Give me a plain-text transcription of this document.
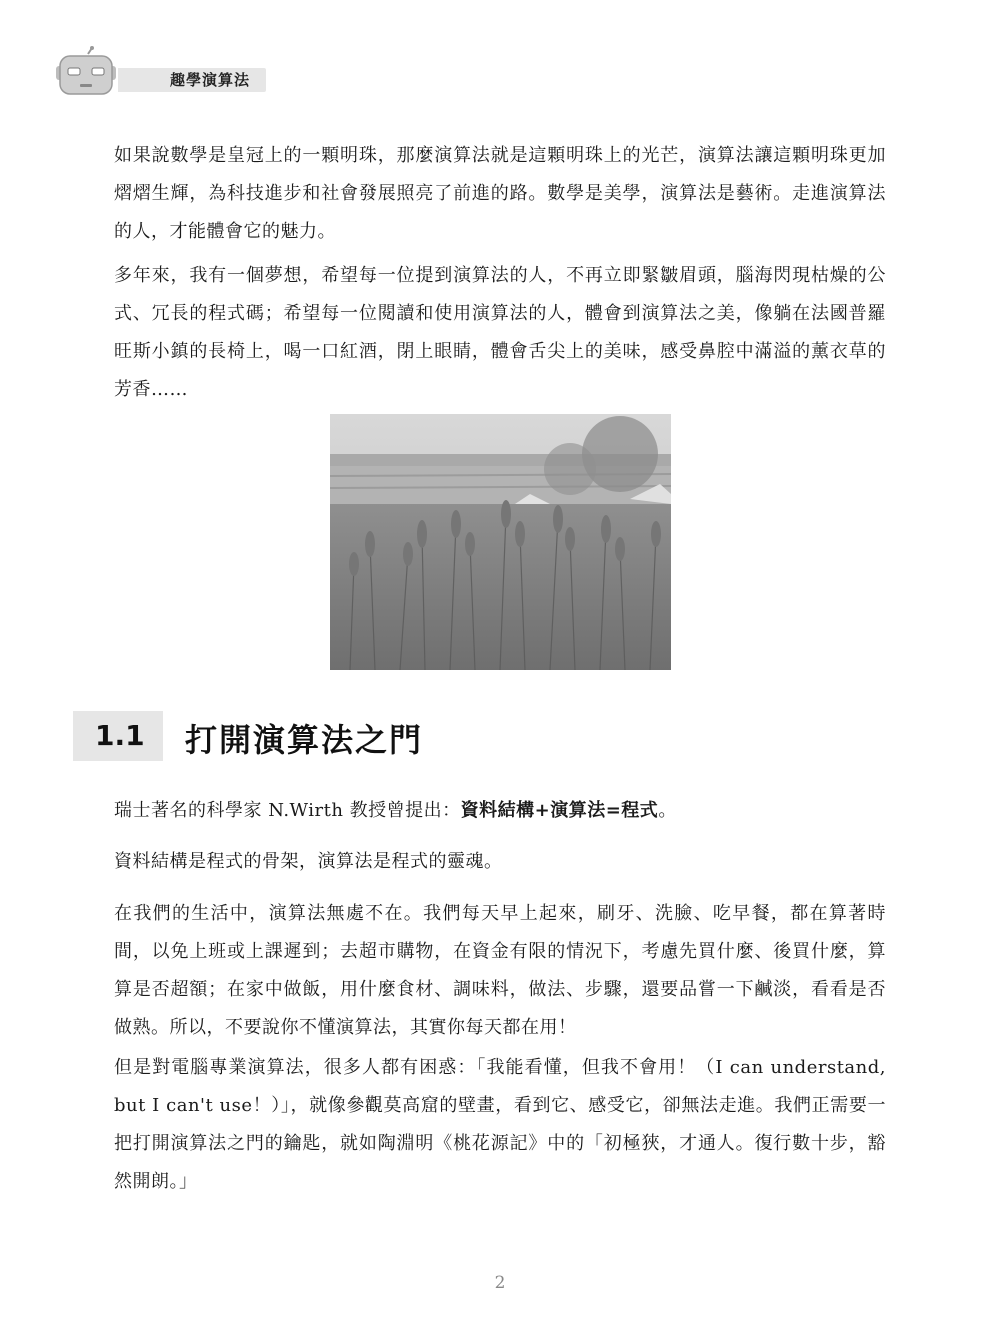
趣學演算法

如果說數學是皇冠上的一顆明珠，那麼演算法就是這顆明珠上的光芒，演算法讓這顆明珠更加熠熠生輝，為科技進步和社會發展照亮了前進的路。數學是美學，演算法是藝術。走進演算法的人，才能體會它的魅力。

多年來，我有一個夢想，希望每一位提到演算法的人，不再立即緊皺眉頭，腦海閃現枯燥的公式、冗長的程式碼；希望每一位閱讀和使用演算法的人，體會到演算法之美，像躺在法國普羅旺斯小鎮的長椅上，喝一口紅酒，閉上眼睛，體會舌尖上的美味，感受鼻腔中滿溢的薰衣草的芳香……

1.1 打開演算法之門

瑞士著名的科學家 N.Wirth 教授曾提出：資料結構+演算法=程式。

資料結構是程式的骨架，演算法是程式的靈魂。

在我們的生活中，演算法無處不在。我們每天早上起來，刷牙、洗臉、吃早餐，都在算著時間，以免上班或上課遲到；去超市購物，在資金有限的情況下，考慮先買什麼、後買什麼，算算是否超額；在家中做飯，用什麼食材、調味料，做法、步驟，還要品嘗一下鹹淡，看看是否做熟。所以，不要說你不懂演算法，其實你每天都在用！

但是對電腦專業演算法，很多人都有困惑：「我能看懂，但我不會用！（I can understand, but I can't use！）」，就像參觀莫高窟的壁畫，看到它、感受它，卻無法走進。我們正需要一把打開演算法之門的鑰匙，就如陶淵明《桃花源記》中的「初極狹，才通人。復行數十步，豁然開朗。」

2
